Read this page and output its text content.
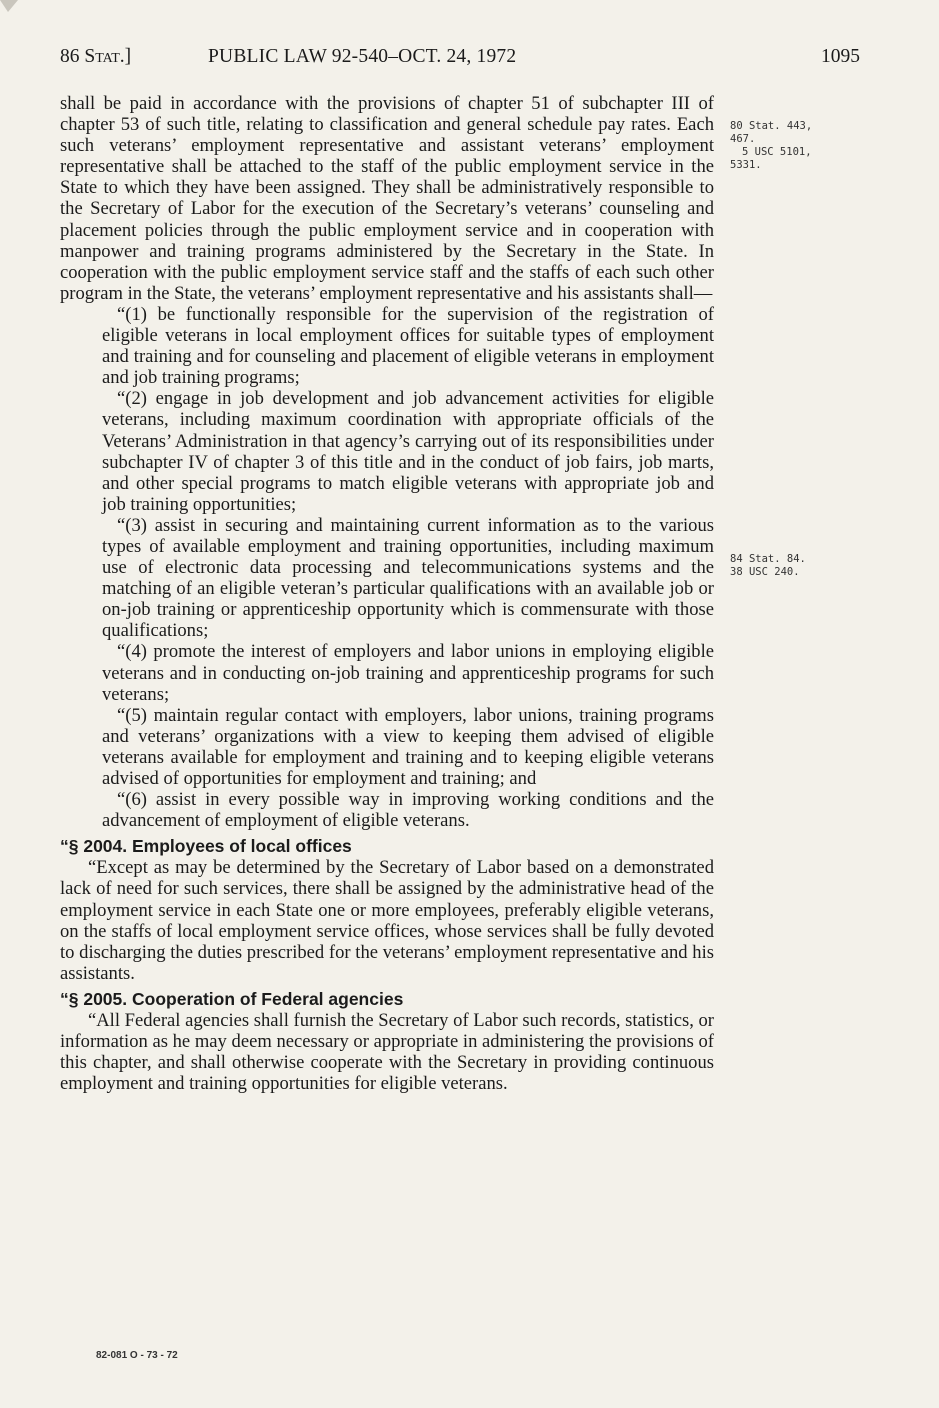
86 Stat.]	PUBLIC LAW 92-540–OCT. 24, 1972	1095
80 Stat. 443,
467.
5 USC 5101,
5331.
84 Stat. 84.
38 USC 240.

shall be paid in accordance with the provisions of chapter 51 of subchapter III of chapter 53 of such title, relating to classification and general schedule pay rates. Each such veterans’ employment representative and assistant veterans’ employment representative shall be attached to the staff of the public employment service in the State to which they have been assigned. They shall be administratively responsible to the Secretary of Labor for the execution of the Secretary’s veterans’ counseling and placement policies through the public employment service and in cooperation with manpower and training programs administered by the Secretary in the State. In cooperation with the public employment service staff and the staffs of each such other program in the State, the veterans’ employment representative and his assistants shall—

“(1) be functionally responsible for the supervision of the registration of eligible veterans in local employment offices for suitable types of employment and training and for counseling and placement of eligible veterans in employment and job training programs;

“(2) engage in job development and job advancement activities for eligible veterans, including maximum coordination with appropriate officials of the Veterans’ Administration in that agency’s carrying out of its responsibilities under subchapter IV of chapter 3 of this title and in the conduct of job fairs, job marts, and other special programs to match eligible veterans with appropriate job and job training opportunities;

“(3) assist in securing and maintaining current information as to the various types of available employment and training opportunities, including maximum use of electronic data processing and telecommunications systems and the matching of an eligible veteran’s particular qualifications with an available job or on-job training or apprenticeship opportunity which is commensurate with those qualifications;

“(4) promote the interest of employers and labor unions in employing eligible veterans and in conducting on-job training and apprenticeship programs for such veterans;

“(5) maintain regular contact with employers, labor unions, training programs and veterans’ organizations with a view to keeping them advised of eligible veterans available for employment and training and to keeping eligible veterans advised of opportunities for employment and training; and

“(6) assist in every possible way in improving working conditions and the advancement of employment of eligible veterans.

“§ 2004. Employees of local offices

“Except as may be determined by the Secretary of Labor based on a demonstrated lack of need for such services, there shall be assigned by the administrative head of the employment service in each State one or more employees, preferably eligible veterans, on the staffs of local employment service offices, whose services shall be fully devoted to discharging the duties prescribed for the veterans’ employment representative and his assistants.

“§ 2005. Cooperation of Federal agencies

“All Federal agencies shall furnish the Secretary of Labor such records, statistics, or information as he may deem necessary or appropriate in administering the provisions of this chapter, and shall otherwise cooperate with the Secretary in providing continuous employment and training opportunities for eligible veterans.

82-081 O - 73 - 72
